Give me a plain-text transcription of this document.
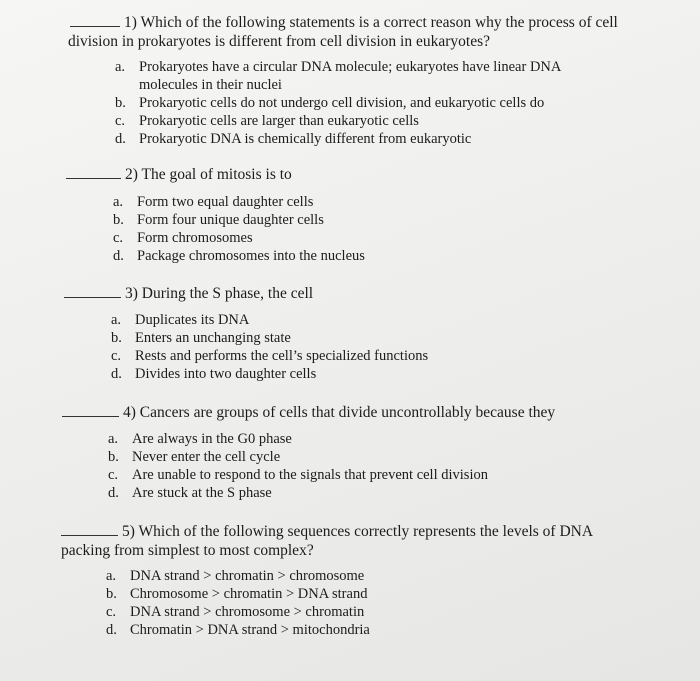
1) Which of the following statements is a correct reason why the process of cell
division in prokaryotes is different from cell division in eukaryotes?
a. Prokaryotes have a circular DNA molecule; eukaryotes have linear DNA
molecules in their nuclei
b. Prokaryotic cells do not undergo cell division, and eukaryotic cells do
c. Prokaryotic cells are larger than eukaryotic cells
d. Prokaryotic DNA is chemically different from eukaryotic
2) The goal of mitosis is to
a. Form two equal daughter cells
b. Form four unique daughter cells
c. Form chromosomes
d. Package chromosomes into the nucleus
3) During the S phase, the cell
a. Duplicates its DNA
b. Enters an unchanging state
c. Rests and performs the cell’s specialized functions
d. Divides into two daughter cells
4) Cancers are groups of cells that divide uncontrollably because they
a. Are always in the G0 phase
b. Never enter the cell cycle
c. Are unable to respond to the signals that prevent cell division
d. Are stuck at the S phase
5) Which of the following sequences correctly represents the levels of DNA
packing from simplest to most complex?
a. DNA strand > chromatin > chromosome
b. Chromosome > chromatin > DNA strand
c. DNA strand > chromosome > chromatin
d. Chromatin > DNA strand > mitochondria
